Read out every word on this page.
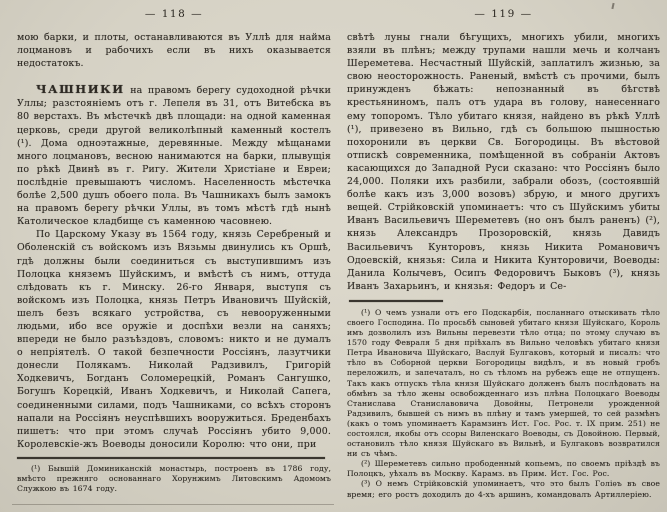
— 118 —

мою барки, и плоты, останавливаются въ Уллѣ для найма лоцмановъ и рабочихъ если въ нихъ оказывается недостатокъ.

ЧАШНИКИ на правомъ берегу судоходной рѣчки Уллы; разстояніемъ отъ г. Лепеля въ 31, отъ Витебска въ 80 верстахъ. Въ мѣстечкѣ двѣ площади: на одной каменная церковь, среди другой великолѣпный каменный костелъ (¹). Дома одноэтажные, деревянные. Между мѣщанами много лоцмановъ, весною нанимаются на барки, плывущія по рѣкѣ Двинѣ въ г. Ригу. Жители Христіане и Евреи; послѣдніе превышаютъ числомъ. Населенность мѣстечка болѣе 2,500 душъ обоего пола. Въ Чашникахъ былъ замокъ на правомъ берегу рѣчки Уллы, въ томъ мѣстѣ гдѣ нынѣ Католическое кладбище съ каменною часовнею.

По Царскому Указу въ 1564 году, князь Серебреный и Оболенскій съ войскомъ изъ Вязьмы двинулись къ Оршѣ, гдѣ должны были соединиться съ выступившимъ изъ Полоцка княземъ Шуйскимъ, и вмѣстѣ съ нимъ, оттуда слѣдовать къ г. Минску. 26-го Января, выступя съ войскомъ изъ Полоцка, князь Петръ Ивановичъ Шуйскій, шелъ безъ всякаго устройства, съ невооруженными людьми, ибо все оружіе и доспѣхи везли на саняхъ; впереди не было разъѣздовъ, словомъ: никто и не думалъ о непріятелѣ. О такой безпечности Россіянъ, лазутчики донесли Полякамъ. Николай Радзивилъ, Григорій Ходкевичъ, Богданъ Соломерецкій, Романъ Сангушко, Богушъ Корецкій, Иванъ Ходкевичъ, и Николай Сапега, соединенными силами, подъ Чашниками, со всѣхъ сторонъ напали на Россіянъ неуспѣвшихъ вооружиться. Бреденбахъ пишетъ: что при этомъ случаѣ Россіянъ убито 9,000. Королевскіе-жъ Воеводы доносили Королю: что они, при

(¹) Бывшій Доминиканскій монастырь, построенъ въ 1786 году, вмѣсто прежняго основаннаго Хорунжимъ Литовскимъ Адомомъ Служкою въ 1674 году.

— 119 —

свѣтѣ луны гнали бѣгущихъ, многихъ убили, многихъ взяли въ плѣнъ; между трупами нашли мечь и колчанъ Шереметева. Несчастный Шуйскій, заплатилъ жизнью, за свою неосторожность. Раненый, вмѣстѣ съ прочими, былъ принужденъ бѣжать: непознанный въ бѣгствѣ крестьяниномъ, палъ отъ удара въ голову, нанесеннаго ему топоромъ. Тѣло убитаго князя, найдено въ рѣкѣ Уллѣ (¹), привезено въ Вильно, гдѣ съ большою пышностью похоронили въ церкви Св. Богородицы. Въ вѣстовой отпискѣ современника, помѣщенной въ собраніи Актовъ касающихся до Западной Руси сказано: что Россіянъ было 24,000. Поляки ихъ разбили, забрали обозъ, (состоявшій болѣе какъ изъ 3,000 возовъ) збрую, и много другихъ вещей. Стрійковскій упоминаетъ: что съ Шуйскимъ убиты Иванъ Васильевичъ Шереметевъ (но онъ былъ раненъ) (²), князь Александръ Прозоровскій, князь Давидъ Васильевичъ Кунторовъ, князь Никита Романовичъ Одоевскій, князья: Сила и Никита Кунторовичи, Воеводы: Данила Колычевъ, Осипъ Федоровичъ Быковъ (³), князь Иванъ Захарьинъ, и князья: Федоръ и Се-

(¹) О чемъ узнали отъ его Подскарбія, посланнаго отыскивать тѣло своего Господина. По просьбѣ сыновей убитаго князя Шуйскаго, Король имъ дозволилъ изъ Вильны перевезти тѣло отца; по этому случаю въ 1570 году Февраля 5 дня пріѣхалъ въ Вильно человѣкъ убитаго князя Петра Ивановича Шуйскаго, Васлуй Булгаковъ, который и писалъ: что тѣло въ Соборной церкви Богородицы видѣлъ, и въ новый гробъ переложилъ, и запечаталъ, но съ тѣломъ на рубежъ еще не отпущенъ. Такъ какъ отпускъ тѣла князя Шуйскаго долженъ былъ послѣдовать на обмѣнъ за тѣло жены освобожденнаго изъ плѣна Полоцкаго Воеводы Станислава Станиславовича Довойны, Петронели урожденной Радзивилъ, бывшей съ нимъ въ плѣну и тамъ умершей, то сей размѣнъ (какъ о томъ упоминаетъ Карамзинъ Ист. Гос. Рос. т. IX прим. 251) не состоялся, якобы отъ ссоры Виленскаго Воеводы, съ Довойною. Первый, остановилъ тѣло князя Шуйскаго въ Вильнѣ, и Булгаковъ возвратился ни съ чѣмъ.

(²) Шереметевъ сильно прободенный копьемъ, по своемъ пріѣздѣ въ Полоцкъ, уѣхалъ въ Москву. Карамз. въ Прим. Ист. Гос. Рос.

(³) О немъ Стрійковскій упоминаетъ, что это былъ Голіѳъ въ свое время; его ростъ доходилъ до 4-хъ аршинъ, командовалъ Артиллеріею.
